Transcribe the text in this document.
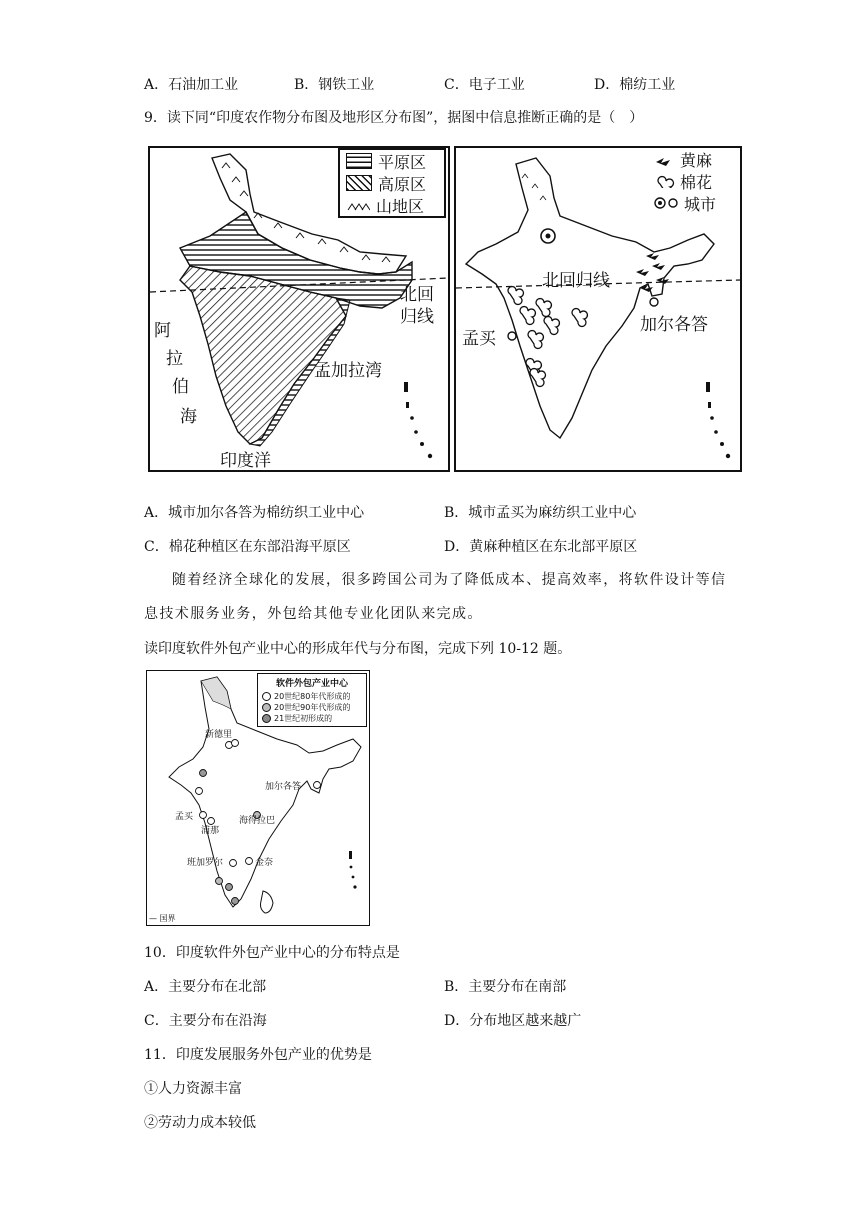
A．石油加工业	B．钢铁工业	C．电子工业	D．棉纺工业
9．读下同“印度农作物分布图及地形区分布图”，据图中信息推断正确的是（　）
北回
归线
阿
拉
伯
海
孟加拉湾
印度洋
平原区
高原区
山地区
北回归线
孟买
加尔各答
黄麻
棉花
城市
A．城市加尔各答为棉纺织工业中心	B．城市孟买为麻纺织工业中心
C．棉花种植区在东部沿海平原区	D．黄麻种植区在东北部平原区
随着经济全球化的发展，很多跨国公司为了降低成本、提高效率，将软件设计等信
息技术服务业务，外包给其他专业化团队来完成。
读印度软件外包产业中心的形成年代与分布图，完成下列 10-12 题。
新德里
加尔各答
孟买
浦那
海得拉巴
班加罗尔	金奈
— 国界
软件外包产业中心
20世纪80年代形成的
20世纪90年代形成的
21世纪初形成的
10．印度软件外包产业中心的分布特点是
A．主要分布在北部	B．主要分布在南部
C．主要分布在沿海	D．分布地区越来越广
11．印度发展服务外包产业的优势是
①人力资源丰富
②劳动力成本较低
